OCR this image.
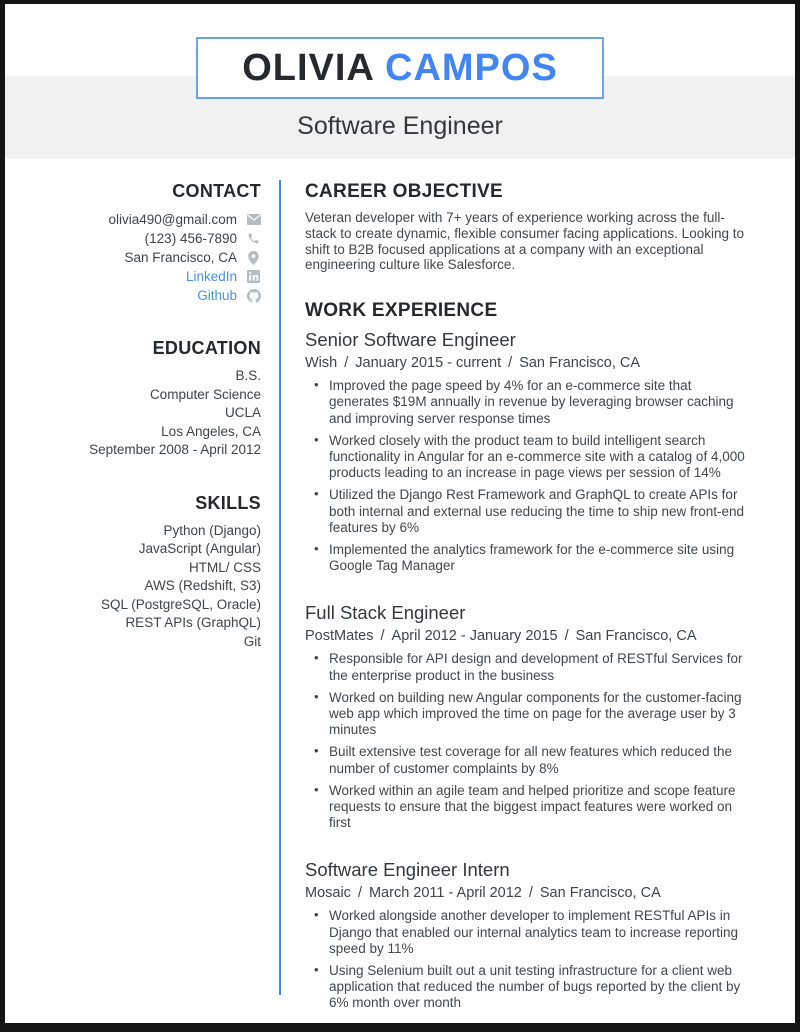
OLIVIA CAMPOS
Software Engineer
CONTACT
olivia490@gmail.com
(123) 456-7890
San Francisco, CA
LinkedIn
Github
EDUCATION
B.S.
Computer Science
UCLA
Los Angeles, CA
September 2008 - April 2012
SKILLS
Python (Django)
JavaScript (Angular)
HTML/ CSS
AWS (Redshift, S3)
SQL (PostgreSQL, Oracle)
REST APIs (GraphQL)
Git
CAREER OBJECTIVE
Veteran developer with 7+ years of experience working across the full-stack to create dynamic, flexible consumer facing applications. Looking to shift to B2B focused applications at a company with an exceptional engineering culture like Salesforce.
WORK EXPERIENCE
Senior Software Engineer
Wish / January 2015 - current / San Francisco, CA
• Improved the page speed by 4% for an e-commerce site that generates $19M annually in revenue by leveraging browser caching and improving server response times
• Worked closely with the product team to build intelligent search functionality in Angular for an e-commerce site with a catalog of 4,000 products leading to an increase in page views per session of 14%
• Utilized the Django Rest Framework and GraphQL to create APIs for both internal and external use reducing the time to ship new front-end features by 6%
• Implemented the analytics framework for the e-commerce site using Google Tag Manager
Full Stack Engineer
PostMates / April 2012 - January 2015 / San Francisco, CA
• Responsible for API design and development of RESTful Services for the enterprise product in the business
• Worked on building new Angular components for the customer-facing web app which improved the time on page for the average user by 3 minutes
• Built extensive test coverage for all new features which reduced the number of customer complaints by 8%
• Worked within an agile team and helped prioritize and scope feature requests to ensure that the biggest impact features were worked on first
Software Engineer Intern
Mosaic / March 2011 - April 2012 / San Francisco, CA
• Worked alongside another developer to implement RESTful APIs in Django that enabled our internal analytics team to increase reporting speed by 11%
• Using Selenium built out a unit testing infrastructure for a client web application that reduced the number of bugs reported by the client by 6% month over month
